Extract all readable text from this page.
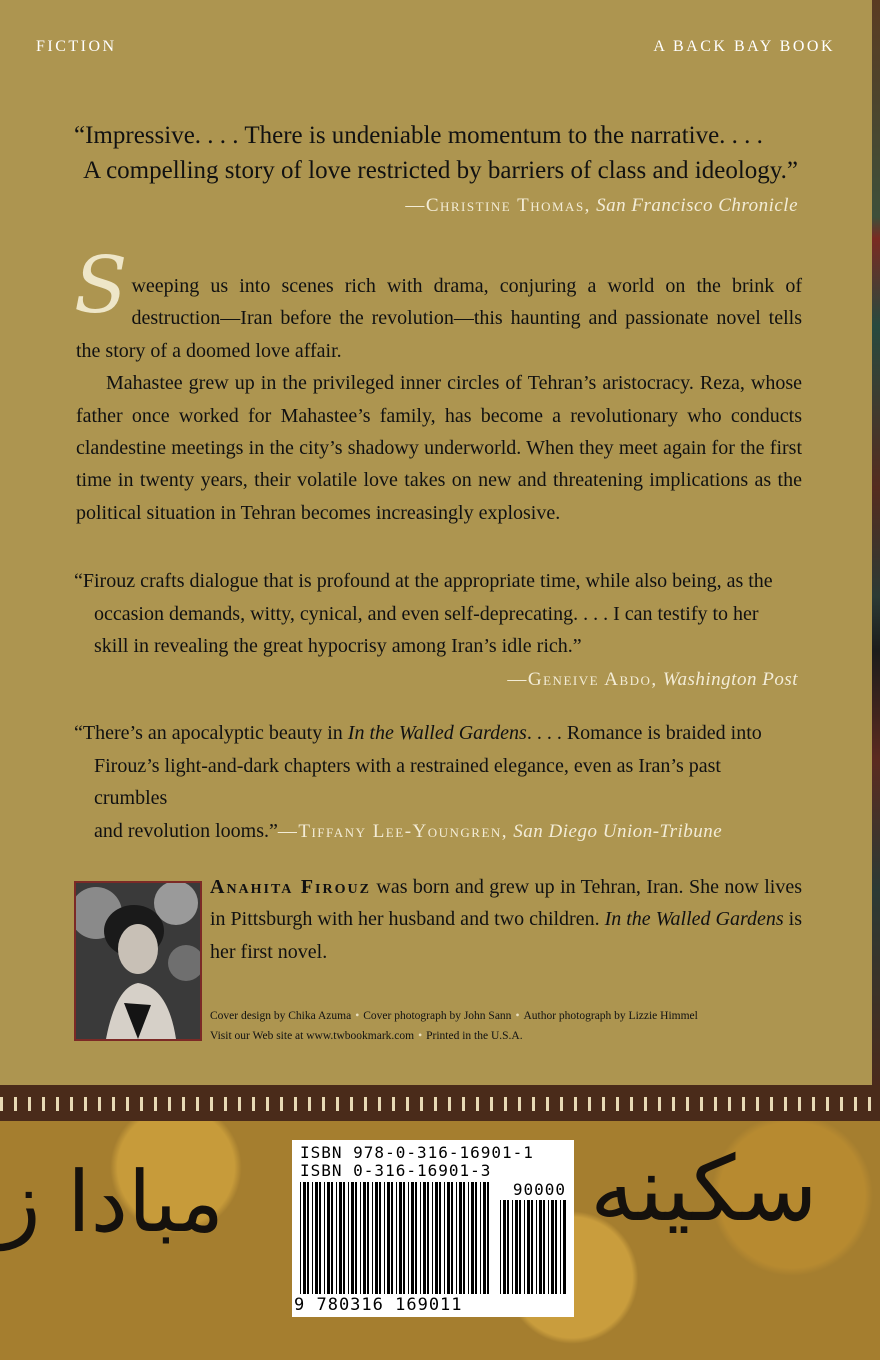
FICTION	A BACK BAY BOOK

“Impressive. . . . There is undeniable momentum to the narrative. . . .

A compelling story of love restricted by barriers of class and ideology.”

—Christine Thomas, San Francisco Chronicle

Sweeping us into scenes rich with drama, conjuring a world on the brink of destruction—Iran before the revolution—this haunting and passionate novel tells the story of a doomed love affair.

Mahastee grew up in the privileged inner circles of Tehran’s aristocracy. Reza, whose father once worked for Mahastee’s family, has become a revolutionary who conducts clandestine meetings in the city’s shadowy underworld. When they meet again for the first time in twenty years, their volatile love takes on new and threatening implications as the political situation in Tehran becomes increasingly explosive.

“Firouz crafts dialogue that is profound at the appropriate time, while also being, as the

occasion demands, witty, cynical, and even self-deprecating. . . . I can testify to her

skill in revealing the great hypocrisy among Iran’s idle rich.”

—Geneive Abdo, Washington Post

“There’s an apocalyptic beauty in In the Walled Gardens. . . . Romance is braided into

Firouz’s light-and-dark chapters with a restrained elegance, even as Iran’s past crumbles

and revolution looms.”—Tiffany Lee-Youngren, San Diego Union-Tribune

Anahita Firouz was born and grew up in Tehran, Iran. She now lives in Pittsburgh with her husband and two children. In the Walled Gardens is her first novel.
Cover design by Chika Azuma • Cover photograph by John Sann • Author photograph by Lizzie Himmel
Visit our Web site at www.twbookmark.com • Printed in the U.S.A.
مبادا ز	سکینه
ISBN 978-0-316-16901-1
ISBN 0-316-16901-3
90000
9 780316 169011
